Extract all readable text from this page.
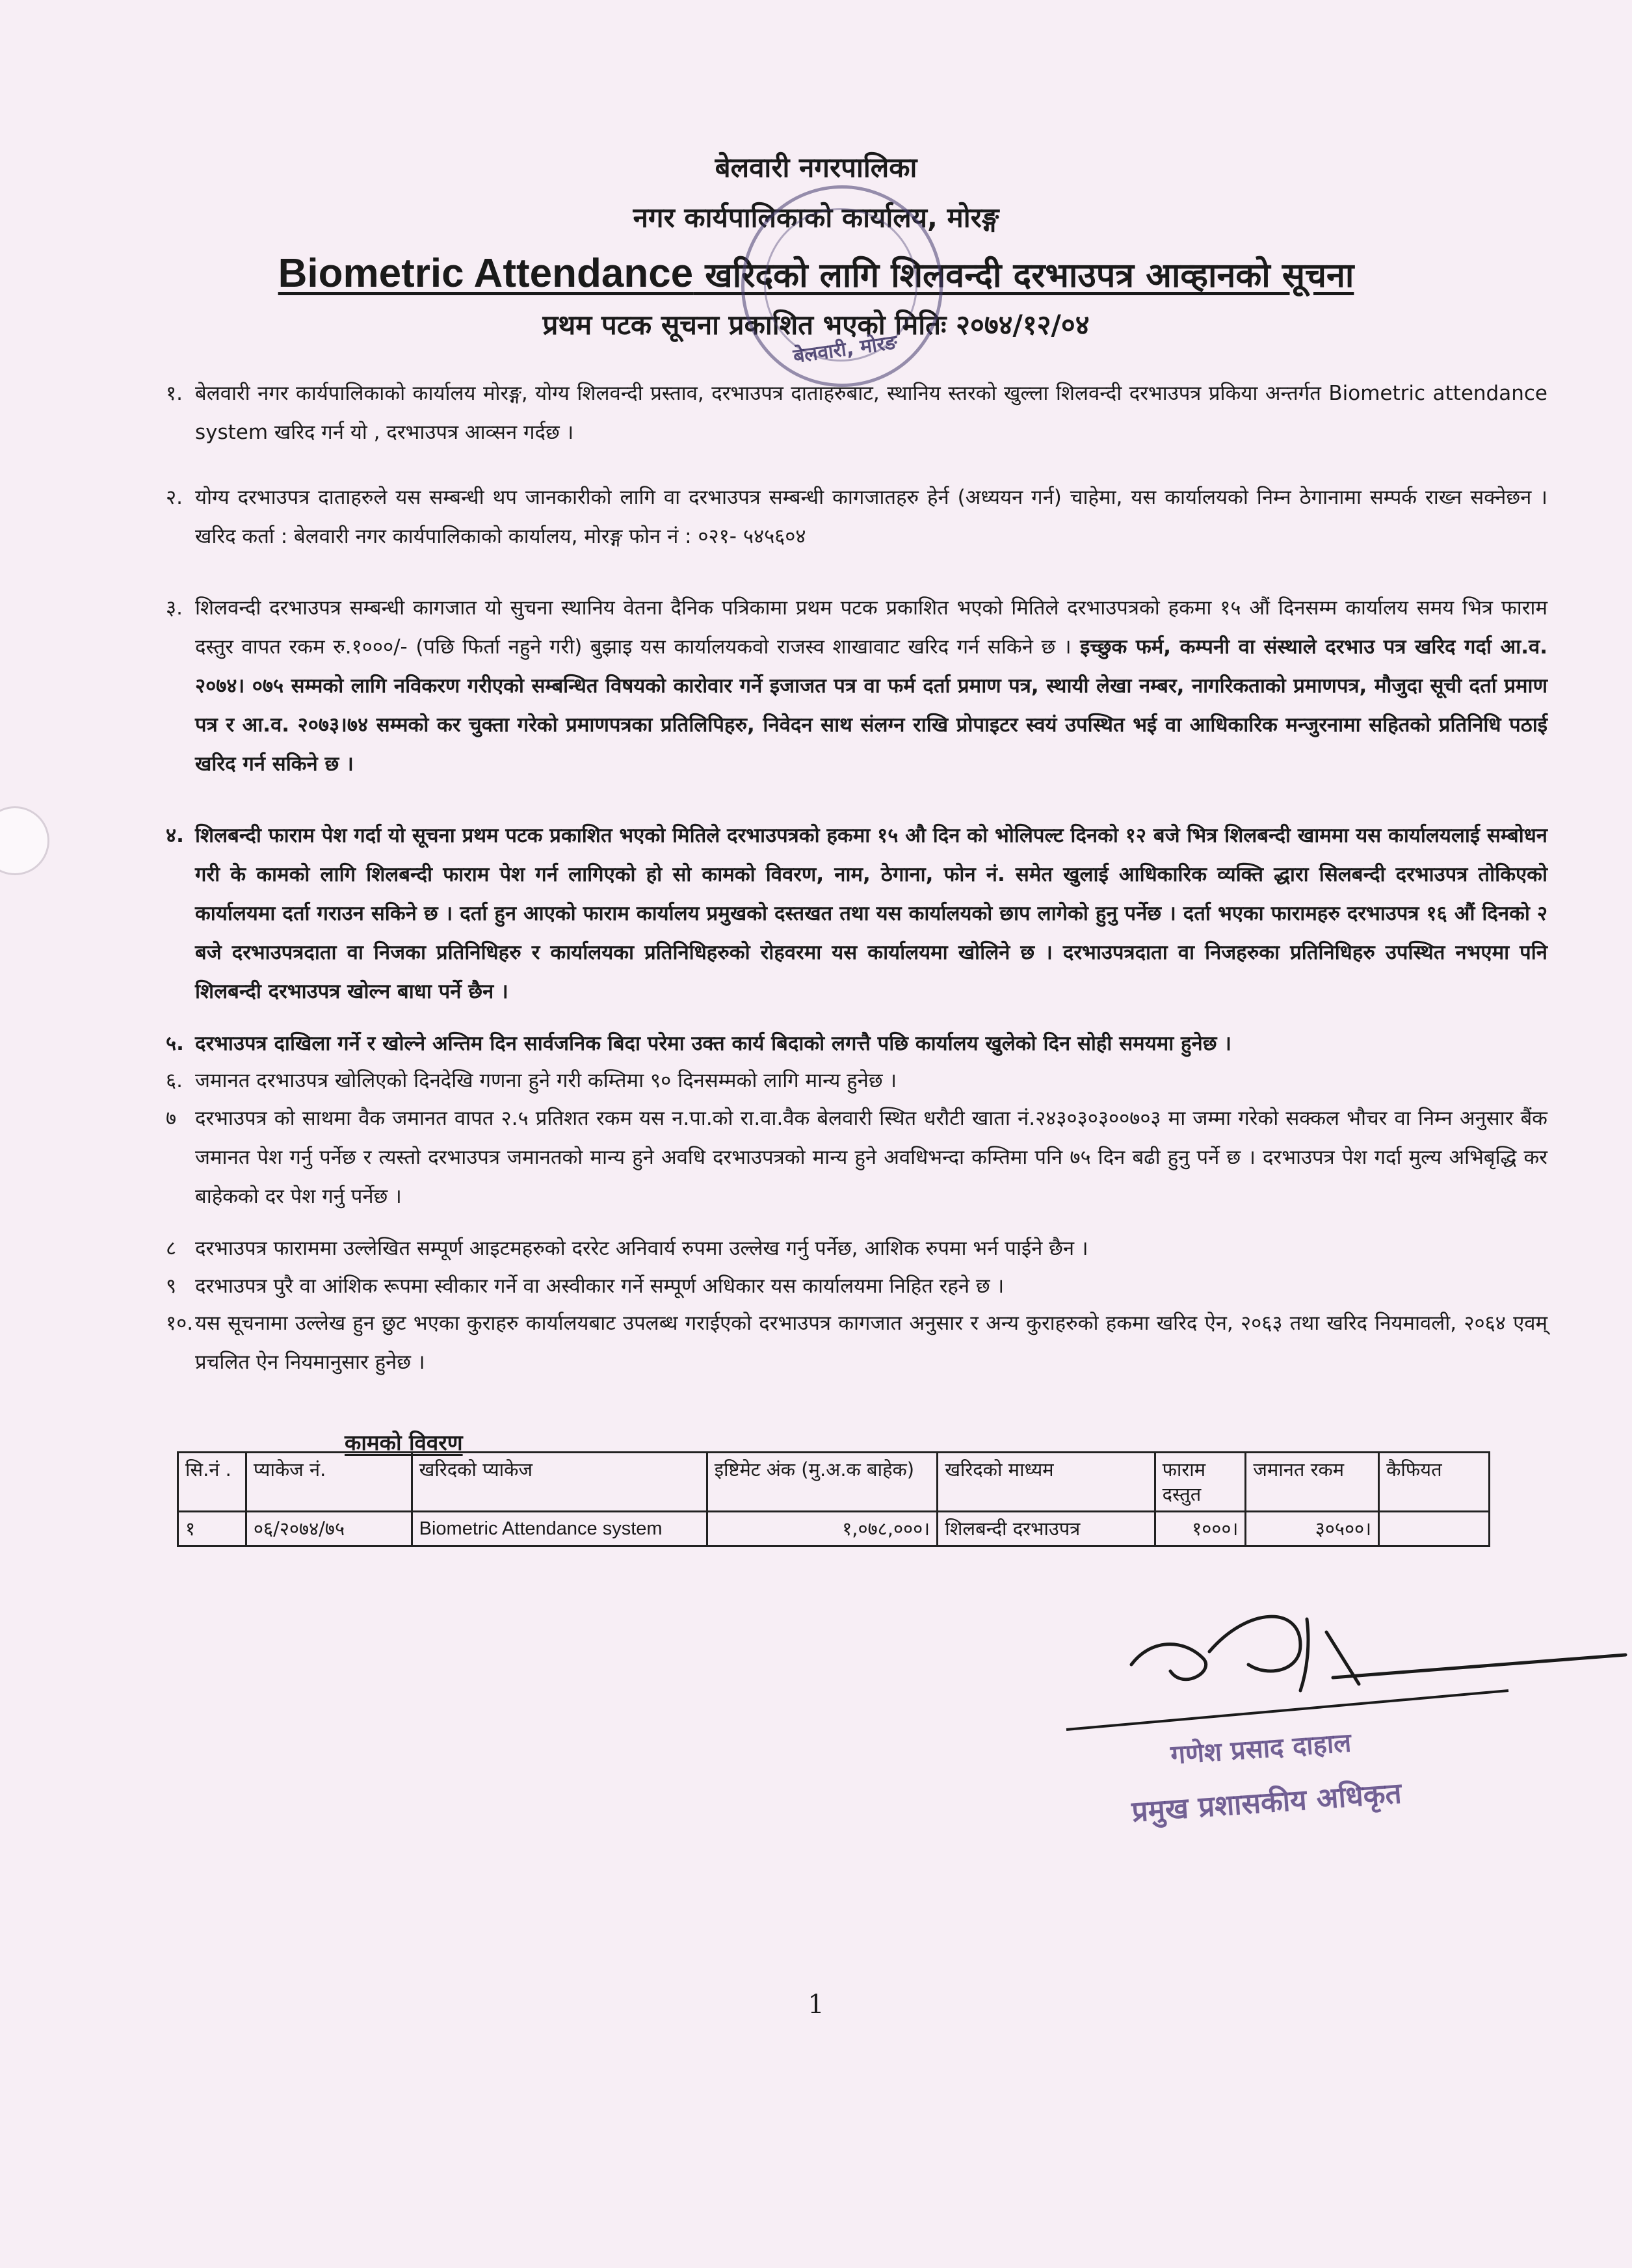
बेलवारी नगरपालिका
नगर कार्यपालिकाको कार्यालय, मोरङ्ग
Biometric Attendance खरिदको लागि शिलवन्दी दरभाउपत्र आव्हानको सूचना
प्रथम पटक सूचना प्रकाशित भएको मितिः २०७४/१२/०४
बेलवारी, मोरङ
१. बेलवारी नगर कार्यपालिकाको कार्यालय मोरङ्ग, योग्य शिलवन्दी प्रस्ताव, दरभाउपत्र दाताहरुबाट, स्थानिय स्तरको खुल्ला शिलवन्दी दरभाउपत्र प्रकिया अन्तर्गत Biometric attendance system खरिद गर्न यो , दरभाउपत्र आव्सन गर्दछ ।
२. योग्य दरभाउपत्र दाताहरुले यस सम्बन्धी थप जानकारीको लागि वा दरभाउपत्र सम्बन्धी कागजातहरु हेर्न (अध्ययन गर्न) चाहेमा, यस कार्यालयको निम्न ठेगानामा सम्पर्क राख्न सक्नेछन । खरिद कर्ता : बेलवारी नगर कार्यपालिकाको कार्यालय, मोरङ्ग फोन नं : ०२१- ५४५६०४
३. शिलवन्दी दरभाउपत्र सम्बन्धी कागजात यो सुचना स्थानिय वेतना दैनिक पत्रिकामा प्रथम पटक प्रकाशित भएको मितिले दरभाउपत्रको हकमा १५ औं दिनसम्म कार्यालय समय भित्र फाराम दस्तुर वापत रकम रु.१०००/- (पछि फिर्ता नहुने गरी) बुझाइ यस कार्यालयकवो राजस्व शाखावाट खरिद गर्न सकिने छ । इच्छुक फर्म, कम्पनी वा संस्थाले दरभाउ पत्र खरिद गर्दा आ.व. २०७४। ०७५ सम्मको लागि नविकरण गरीएको सम्बन्धित विषयको कारोवार गर्ने इजाजत पत्र वा फर्म दर्ता प्रमाण पत्र, स्थायी लेखा नम्बर, नागरिकताको प्रमाणपत्र, मौजुदा सूची दर्ता प्रमाण पत्र र आ.व. २०७३।७४ सम्मको कर चुक्ता गरेको प्रमाणपत्रका प्रतिलिपिहरु, निवेदन साथ संलग्न राखि प्रोपाइटर स्वयं उपस्थित भई वा आधिकारिक मन्जुरनामा सहितको प्रतिनिधि पठाई खरिद गर्न सकिने छ ।
४. शिलबन्दी फाराम पेश गर्दा यो सूचना प्रथम पटक प्रकाशित भएको मितिले दरभाउपत्रको हकमा १५ औ दिन को भोलिपल्ट दिनको १२ बजे भित्र शिलबन्दी खाममा यस कार्यालयलाई सम्बोधन गरी के कामको लागि शिलबन्दी फाराम पेश गर्न लागिएको हो सो कामको विवरण, नाम, ठेगाना, फोन नं. समेत खुलाई आधिकारिक व्यक्ति द्धारा सिलबन्दी दरभाउपत्र तोकिएको कार्यालयमा दर्ता गराउन सकिने छ । दर्ता हुन आएको फाराम कार्यालय प्रमुखको दस्तखत तथा यस कार्यालयको छाप लागेको हुनु पर्नेछ । दर्ता भएका फारामहरु दरभाउपत्र १६ औं दिनको २ बजे दरभाउपत्रदाता वा निजका प्रतिनिधिहरु र कार्यालयका प्रतिनिधिहरुको रोहवरमा यस कार्यालयमा खोलिने छ । दरभाउपत्रदाता वा निजहरुका प्रतिनिधिहरु उपस्थित नभएमा पनि शिलबन्दी दरभाउपत्र खोल्न बाधा पर्ने छैन ।
५. दरभाउपत्र दाखिला गर्ने र खोल्ने अन्तिम दिन सार्वजनिक बिदा परेमा उक्त कार्य बिदाको लगत्तै पछि कार्यालय खुलेको दिन सोही समयमा हुनेछ ।
६. जमानत दरभाउपत्र खोलिएको दिनदेखि गणना हुने गरी कम्तिमा ९० दिनसम्मको लागि मान्य हुनेछ ।
७ दरभाउपत्र को साथमा वैक जमानत वापत २.५ प्रतिशत रकम यस न.पा.को रा.वा.वैक बेलवारी स्थित धरौटी खाता नं.२४३०३०३००७०३ मा जम्मा गरेको सक्कल भौचर वा निम्न अनुसार बैंक जमानत पेश गर्नु पर्नेछ र त्यस्तो दरभाउपत्र जमानतको मान्य हुने अवधि दरभाउपत्रको मान्य हुने अवधिभन्दा कम्तिमा पनि ७५ दिन बढी हुनु पर्ने छ । दरभाउपत्र पेश गर्दा मुल्य अभिबृद्धि कर बाहेकको दर पेश गर्नु पर्नेछ ।
८ दरभाउपत्र फाराममा उल्लेखित सम्पूर्ण आइटमहरुको दररेट अनिवार्य रुपमा उल्लेख गर्नु पर्नेछ, आशिक रुपमा भर्न पाईने छैन ।
९ दरभाउपत्र पुरै वा आंशिक रूपमा स्वीकार गर्ने वा अस्वीकार गर्ने सम्पूर्ण अधिकार यस कार्यालयमा निहित रहने छ ।
१०. यस सूचनामा उल्लेख हुन छुट भएका कुराहरु कार्यालयबाट उपलब्ध गराईएको दरभाउपत्र कागजात अनुसार र अन्य कुराहरुको हकमा खरिद ऐन, २०६३ तथा खरिद नियमावली, २०६४ एवम् प्रचलित ऐन नियमानुसार हुनेछ ।
कामको विवरण
सि.नं .	प्याकेज नं.	खरिदको प्याकेज	इष्टिमेट अंक (मु.अ.क बाहेक)	खरिदको माध्यम	फाराम दस्तुत	जमानत रकम	कैफियत
१	०६/२०७४/७५	Biometric Attendance system	१,०७८,०००।	शिलबन्दी दरभाउपत्र	१०००।	३०५००।	
गणेश प्रसाद दाहाल
प्रमुख प्रशासकीय अधिकृत
1
